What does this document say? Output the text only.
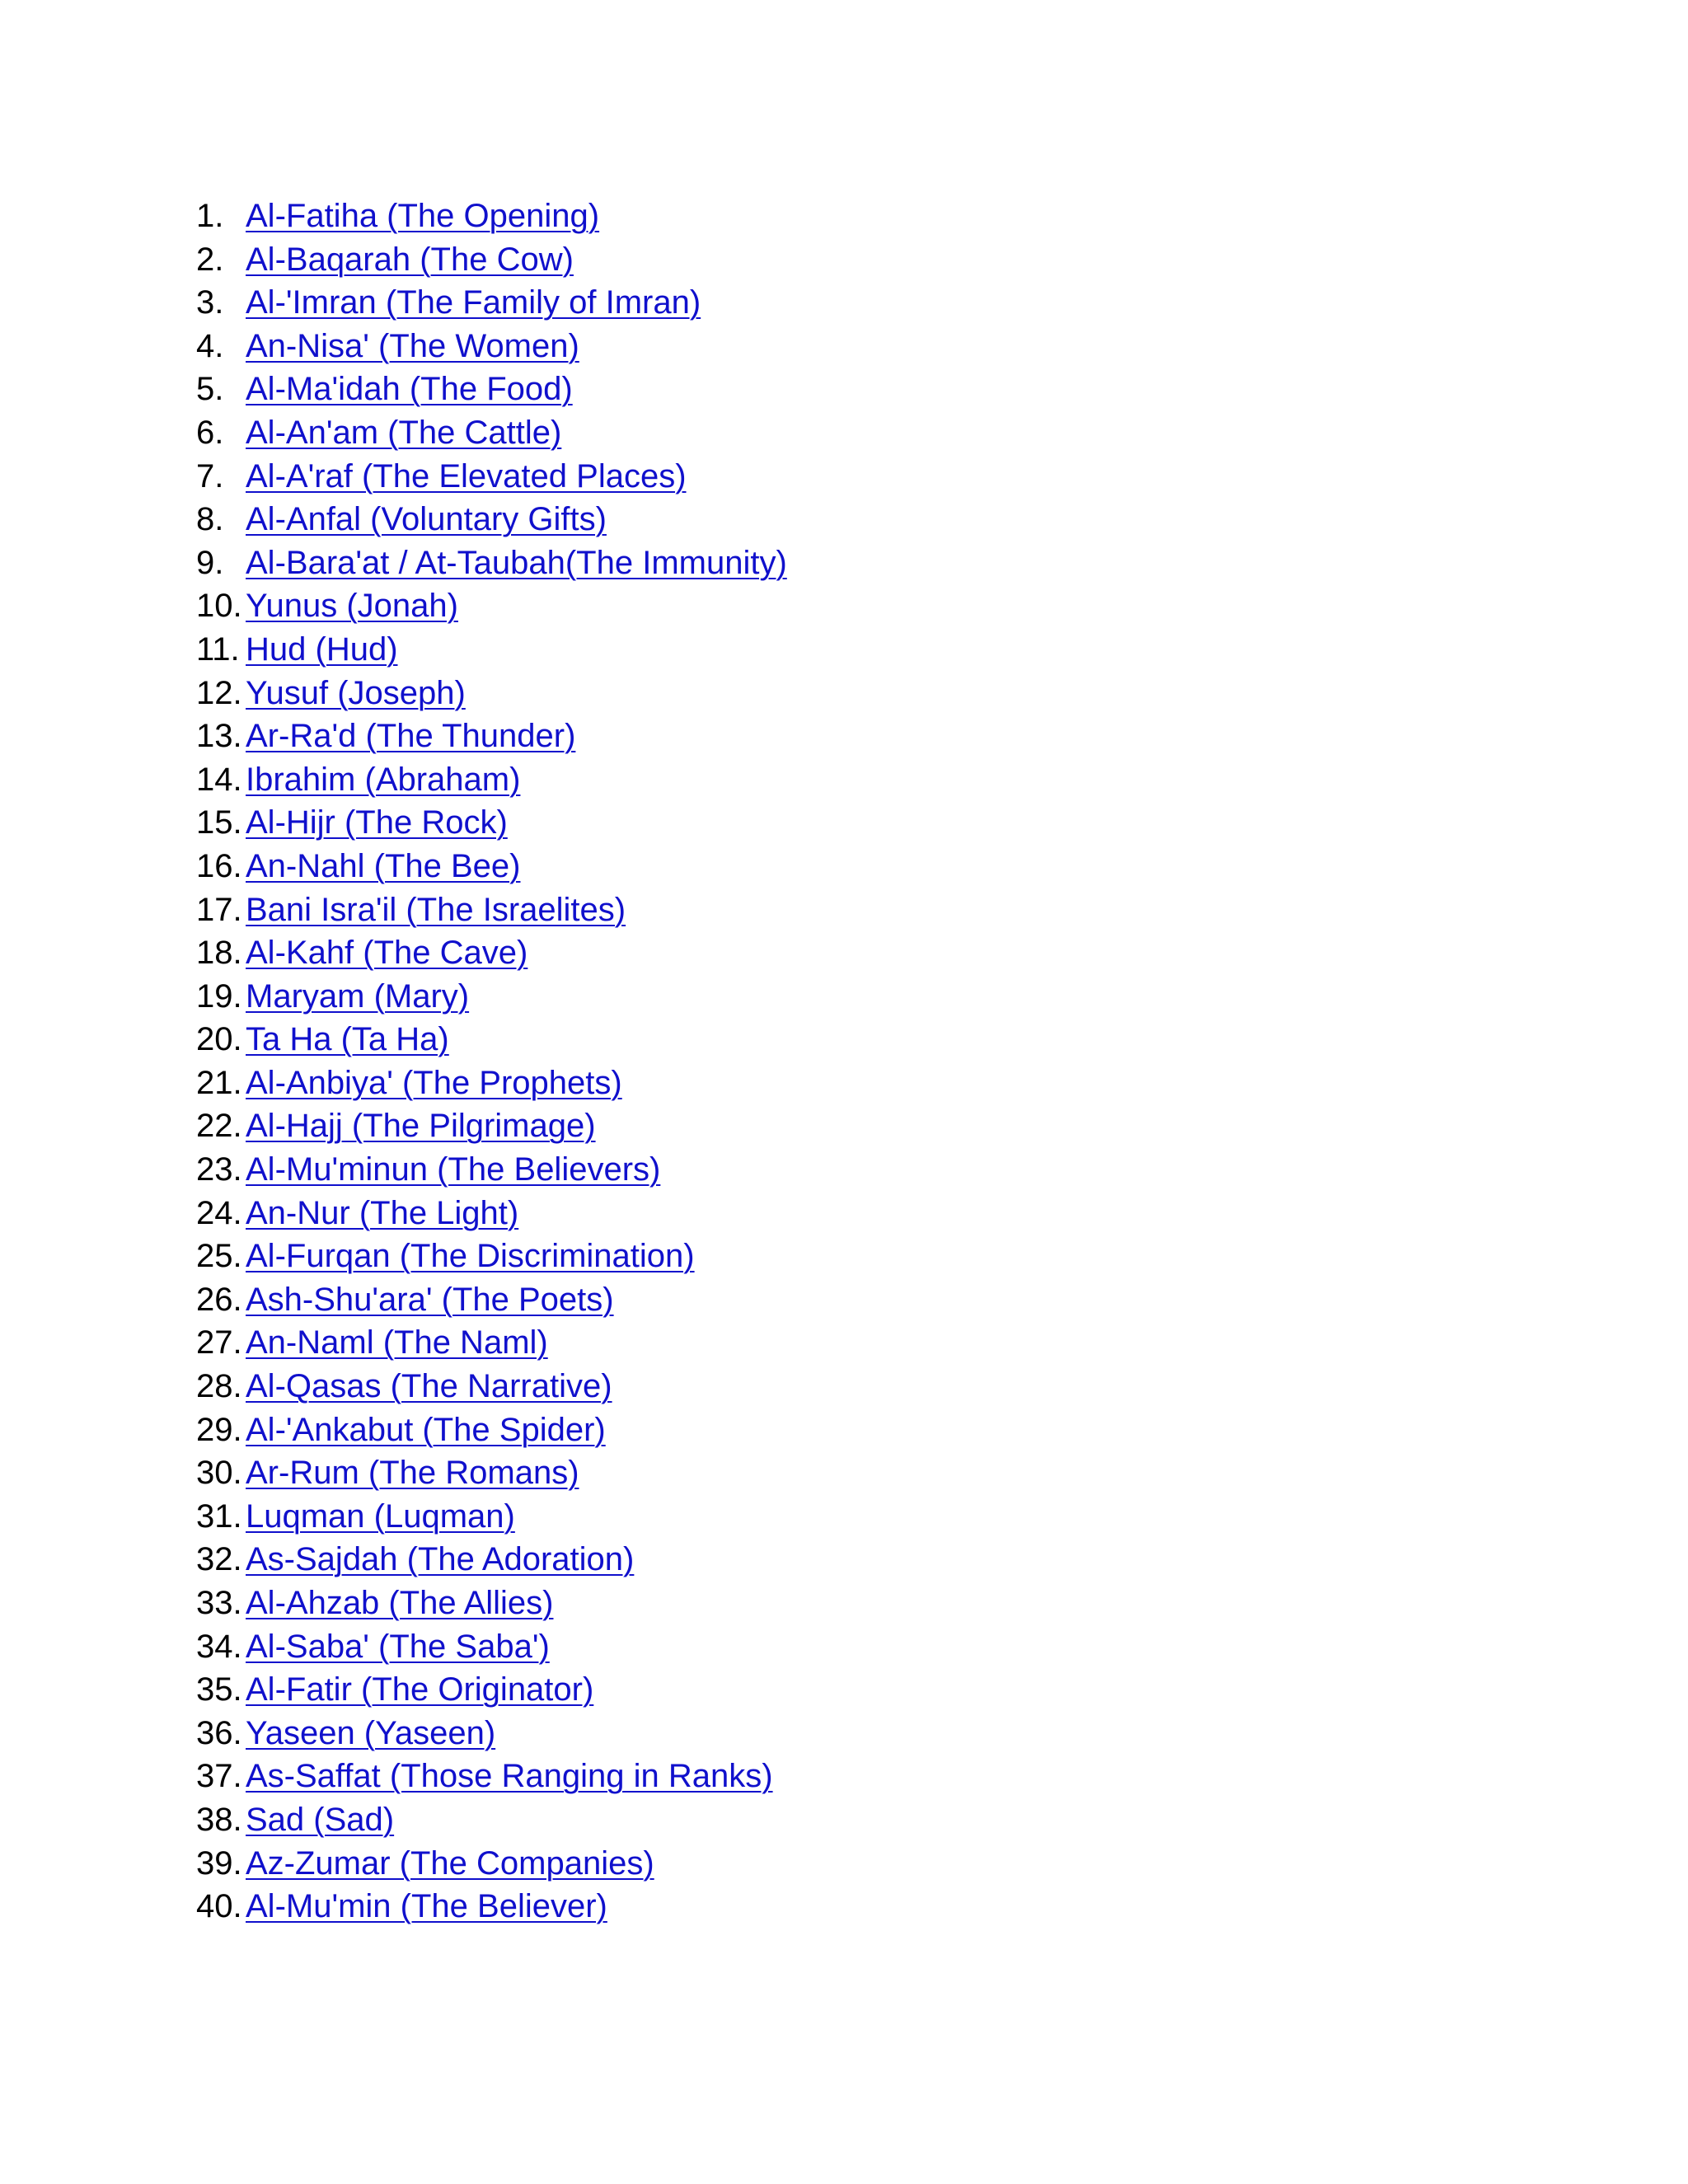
1. Al-Fatiha (The Opening)
2. Al-Baqarah (The Cow)
3. Al-'Imran (The Family of Imran)
4. An-Nisa' (The Women)
5. Al-Ma'idah (The Food)
6. Al-An'am (The Cattle)
7. Al-A'raf (The Elevated Places)
8. Al-Anfal (Voluntary Gifts)
9. Al-Bara'at / At-Taubah(The Immunity)
10. Yunus (Jonah)
11. Hud (Hud)
12. Yusuf (Joseph)
13. Ar-Ra'd (The Thunder)
14. Ibrahim (Abraham)
15. Al-Hijr (The Rock)
16. An-Nahl (The Bee)
17. Bani Isra'il (The Israelites)
18. Al-Kahf (The Cave)
19. Maryam (Mary)
20. Ta Ha (Ta Ha)
21. Al-Anbiya' (The Prophets)
22. Al-Hajj (The Pilgrimage)
23. Al-Mu'minun (The Believers)
24. An-Nur (The Light)
25. Al-Furqan (The Discrimination)
26. Ash-Shu'ara' (The Poets)
27. An-Naml (The Naml)
28. Al-Qasas (The Narrative)
29. Al-'Ankabut (The Spider)
30. Ar-Rum (The Romans)
31. Luqman (Luqman)
32. As-Sajdah (The Adoration)
33. Al-Ahzab (The Allies)
34. Al-Saba' (The Saba')
35. Al-Fatir (The Originator)
36. Yaseen (Yaseen)
37. As-Saffat (Those Ranging in Ranks)
38. Sad (Sad)
39. Az-Zumar (The Companies)
40. Al-Mu'min (The Believer)
